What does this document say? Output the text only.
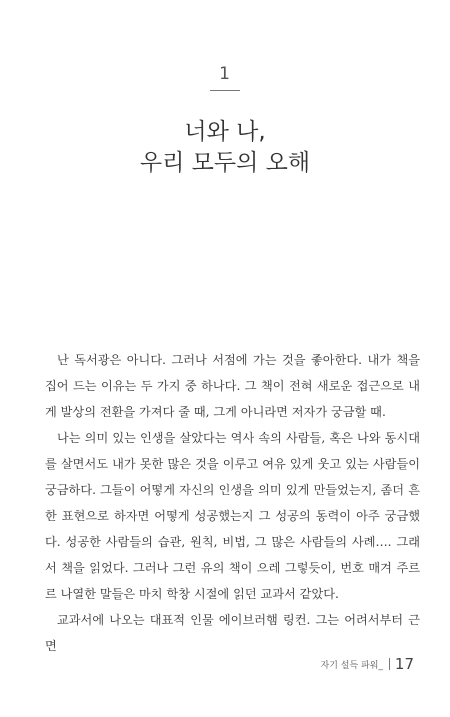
1
너와 나,
우리 모두의 오해

난 독서광은 아니다. 그러나 서점에 가는 것을 좋아한다. 내가 책을 집어 드는 이유는 두 가지 중 하나다. 그 책이 전혀 새로운 접근으로 내게 발상의 전환을 가져다 줄 때, 그게 아니라면 저자가 궁금할 때.

나는 의미 있는 인생을 살았다는 역사 속의 사람들, 혹은 나와 동시대를 살면서도 내가 못한 많은 것을 이루고 여유 있게 웃고 있는 사람들이 궁금하다. 그들이 어떻게 자신의 인생을 의미 있게 만들었는지, 좀더 흔한 표현으로 하자면 어떻게 성공했는지 그 성공의 동력이 아주 궁금했다. 성공한 사람들의 습관, 원칙, 비법, 그 많은 사람들의 사례…. 그래서 책을 읽었다. 그러나 그런 유의 책이 으레 그렇듯이, 번호 매겨 주르르 나열한 말들은 마치 학창 시절에 읽던 교과서 같았다.

교과서에 나오는 대표적 인물 에이브러햄 링컨. 그는 어려서부터 근면

자기 설득 파워_ 17
